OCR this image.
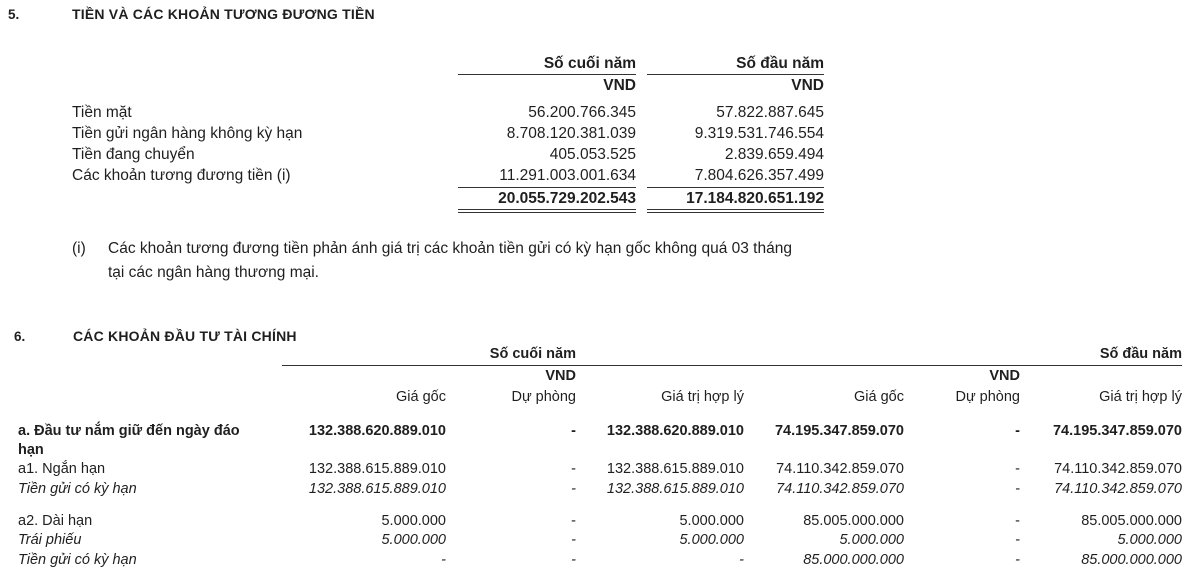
5.	TIỀN VÀ CÁC KHOẢN TƯƠNG ĐƯƠNG TIỀN
Số cuối năm	Số đầu năm
VND	VND
Tiền mặt	56.200.766.345	57.822.887.645
Tiền gửi ngân hàng không kỳ hạn	8.708.120.381.039	9.319.531.746.554
Tiền đang chuyển	405.053.525	2.839.659.494
Các khoản tương đương tiền (i)	11.291.003.001.634	7.804.626.357.499
20.055.729.202.543	17.184.820.651.192
(i) Các khoản tương đương tiền phản ánh giá trị các khoản tiền gửi có kỳ hạn gốc không quá 03 tháng
tại các ngân hàng thương mại.
6.	CÁC KHOẢN ĐẦU TƯ TÀI CHÍNH
Số cuối năm	Số đầu năm
VND	VND
Giá gốc	Dự phòng	Giá trị hợp lý	Giá gốc	Dự phòng	Giá trị hợp lý
a. Đầu tư nắm giữ đến ngày đáo
hạn
132.388.620.889.010	-	132.388.620.889.010	74.195.347.859.070	-	74.195.347.859.070
a1. Ngắn hạn	132.388.615.889.010	-	132.388.615.889.010	74.110.342.859.070	-	74.110.342.859.070
Tiền gửi có kỳ hạn	132.388.615.889.010	-	132.388.615.889.010	74.110.342.859.070	-	74.110.342.859.070
a2. Dài hạn	5.000.000	-	5.000.000	85.005.000.000	-	85.005.000.000
Trái phiếu	5.000.000	-	5.000.000	5.000.000	-	5.000.000
Tiền gửi có kỳ hạn	-	-	-	85.000.000.000	-	85.000.000.000
